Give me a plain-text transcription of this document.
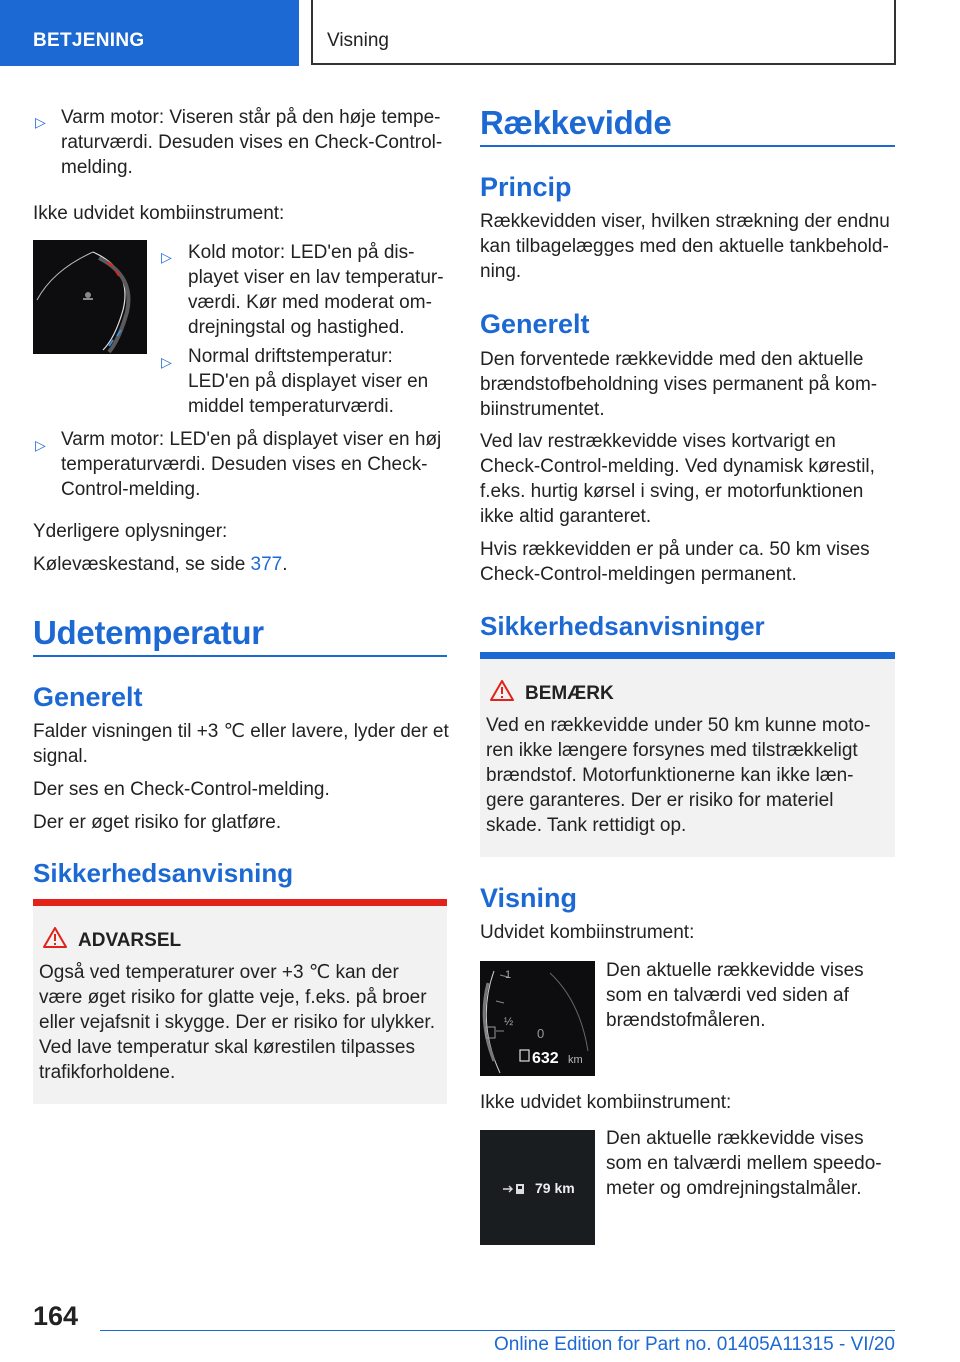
BETJENING	Visning
▷ Varm motor: Viseren står på den høje tempe-
raturværdi. Desuden vises en Check-Control-
melding.
Ikke udvidet kombiinstrument:
▷ Kold motor: LED'en på dis-
playet viser en lav temperatur-
værdi. Kør med moderat om-
drejningstal og hastighed.
▷ Normal driftstemperatur:
LED'en på displayet viser en
middel temperaturværdi.
▷ Varm motor: LED'en på displayet viser en høj
temperaturværdi. Desuden vises en Check-
Control-melding.
Yderligere oplysninger:
Kølevæskestand, se side 377.
Udetemperatur
Generelt
Falder visningen til +3 ℃ eller lavere, lyder der et
signal.
Der ses en Check-Control-melding.
Der er øget risiko for glatføre.
Sikkerhedsanvisning
ADVARSEL
Også ved temperaturer over +3 ℃ kan der
være øget risiko for glatte veje, f.eks. på broer
eller vejafsnit i skygge. Der er risiko for ulykker.
Ved lave temperatur skal kørestilen tilpasses
trafikforholdene.
Rækkevidde
Princip
Rækkevidden viser, hvilken strækning der endnu
kan tilbagelægges med den aktuelle tankbehold-
ning.
Generelt
Den forventede rækkevidde med den aktuelle
brændstofbeholdning vises permanent på kom-
biinstrumentet.
Ved lav restrækkevidde vises kortvarigt en
Check-Control-melding. Ved dynamisk kørestil,
f.eks. hurtig kørsel i sving, er motorfunktionen
ikke altid garanteret.
Hvis rækkevidden er på under ca. 50 km vises
Check-Control-meldingen permanent.
Sikkerhedsanvisninger
BEMÆRK
Ved en rækkevidde under 50 km kunne moto-
ren ikke længere forsynes med tilstrækkeligt
brændstof. Motorfunktionerne kan ikke læn-
gere garanteres. Der er risiko for materiel
skade. Tank rettidigt op.
Visning
Udvidet kombiinstrument:
1
½
0
632 km
Den aktuelle rækkevidde vises
som en talværdi ved siden af
brændstofmåleren.
Ikke udvidet kombiinstrument:
79 km
Den aktuelle rækkevidde vises
som en talværdi mellem speedo-
meter og omdrejningstalmåler.
164
Online Edition for Part no. 01405A11315 - VI/20
